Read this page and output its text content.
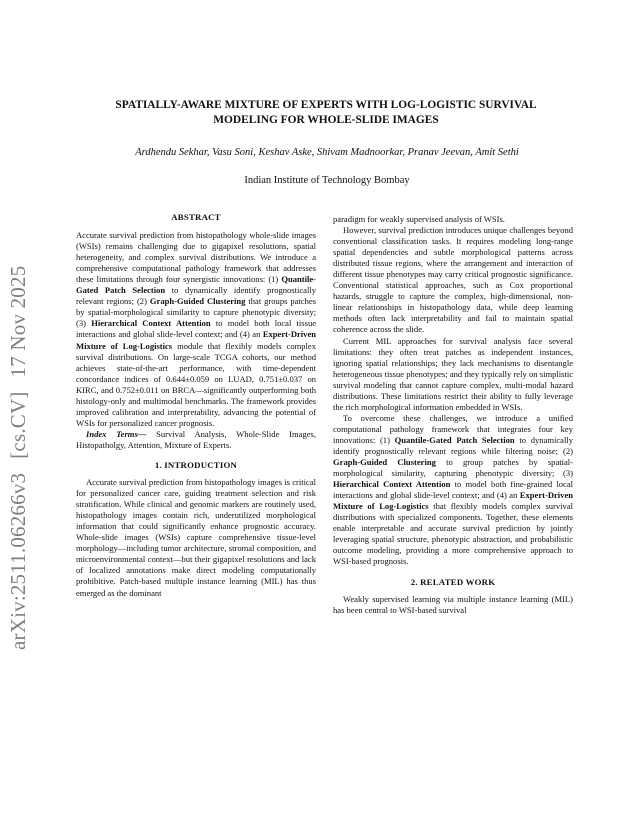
arXiv:2511.06266v3
[cs.CV]
17 Nov 2025
SPATIALLY-AWARE MIXTURE OF EXPERTS WITH LOG-LOGISTIC SURVIVAL
MODELING FOR WHOLE-SLIDE IMAGES
Ardhendu Sekhar, Vasu Soni, Keshav Aske, Shivam Madnoorkar, Pranav Jeevan, Amit Sethi
Indian Institute of Technology Bombay
ABSTRACT

Accurate survival prediction from histopathology whole-slide images (WSIs) remains challenging due to gigapixel resolutions, spatial heterogeneity, and complex survival distributions. We introduce a comprehensive computational pathology framework that addresses these limitations through four synergistic innovations: (1) Quantile-Gated Patch Selection to dynamically identify prognostically relevant regions; (2) Graph-Guided Clustering that groups patches by spatial-morphological similarity to capture phenotypic diversity; (3) Hierarchical Context Attention to model both local tissue interactions and global slide-level context; and (4) an Expert-Driven Mixture of Log-Logistics module that flexibly models complex survival distributions. On large-scale TCGA cohorts, our method achieves state-of-the-art performance, with time-dependent concordance indices of 0.644±0.059 on LUAD, 0.751±0.037 on KIRC, and 0.752±0.011 on BRCA—significantly outperforming both histology-only and multimodal benchmarks. The framework provides improved calibration and interpretability, advancing the potential of WSIs for personalized cancer prognosis.

Index Terms— Survival Analysis, Whole-Slide Images, Histopatholgy, Attention, Mixture of Experts.

1. INTRODUCTION

Accurate survival prediction from histopathology images is critical for personalized cancer care, guiding treatment selection and risk stratification. While clinical and genomic markers are routinely used, histopathology images contain rich, underutilized morphological information that could significantly enhance prognostic accuracy. Whole-slide images (WSIs) capture comprehensive tissue-level morphology—including tumor architecture, stromal composition, and microenvironmental context—but their gigapixel resolutions and lack of localized annotations make direct modeling computationally prohibitive. Patch-based multiple instance learning (MIL) has thus emerged as the dominant

paradigm for weakly supervised analysis of WSIs.

However, survival prediction introduces unique challenges beyond conventional classification tasks. It requires modeling long-range spatial dependencies and subtle morphological patterns across distributed tissue regions, where the arrangement and interaction of different tissue phenotypes may carry critical prognostic significance. Conventional statistical approaches, such as Cox proportional hazards, struggle to capture the complex, high-dimensional, non-linear relationships in histopathology data, while deep learning methods often lack interpretability and fail to maintain spatial coherence across the slide.

Current MIL approaches for survival analysis face several limitations: they often treat patches as independent instances, ignoring spatial relationships; they lack mechanisms to disentangle heterogeneous tissue phenotypes; and they typically rely on simplistic survival modeling that cannot capture complex, multi-modal hazard distributions. These limitations restrict their ability to fully leverage the rich morphological information embedded in WSIs.

To overcome these challenges, we introduce a unified computational pathology framework that integrates four key innovations: (1) Quantile-Gated Patch Selection to dynamically identify prognostically relevant regions while filtering noise; (2) Graph-Guided Clustering to group patches by spatial-morphological similarity, capturing phenotypic diversity; (3) Hierarchical Context Attention to model both fine-grained local interactions and global slide-level context; and (4) an Expert-Driven Mixture of Log-Logistics that flexibly models complex survival distributions with specialized components. Together, these elements enable interpretable and accurate survival prediction by jointly leveraging spatial structure, phenotypic abstraction, and probabilistic outcome modeling, providing a more comprehensive approach to WSI-based prognosis.

2. RELATED WORK

Weakly supervised learning via multiple instance learning (MIL) has been central to WSI-based survival
